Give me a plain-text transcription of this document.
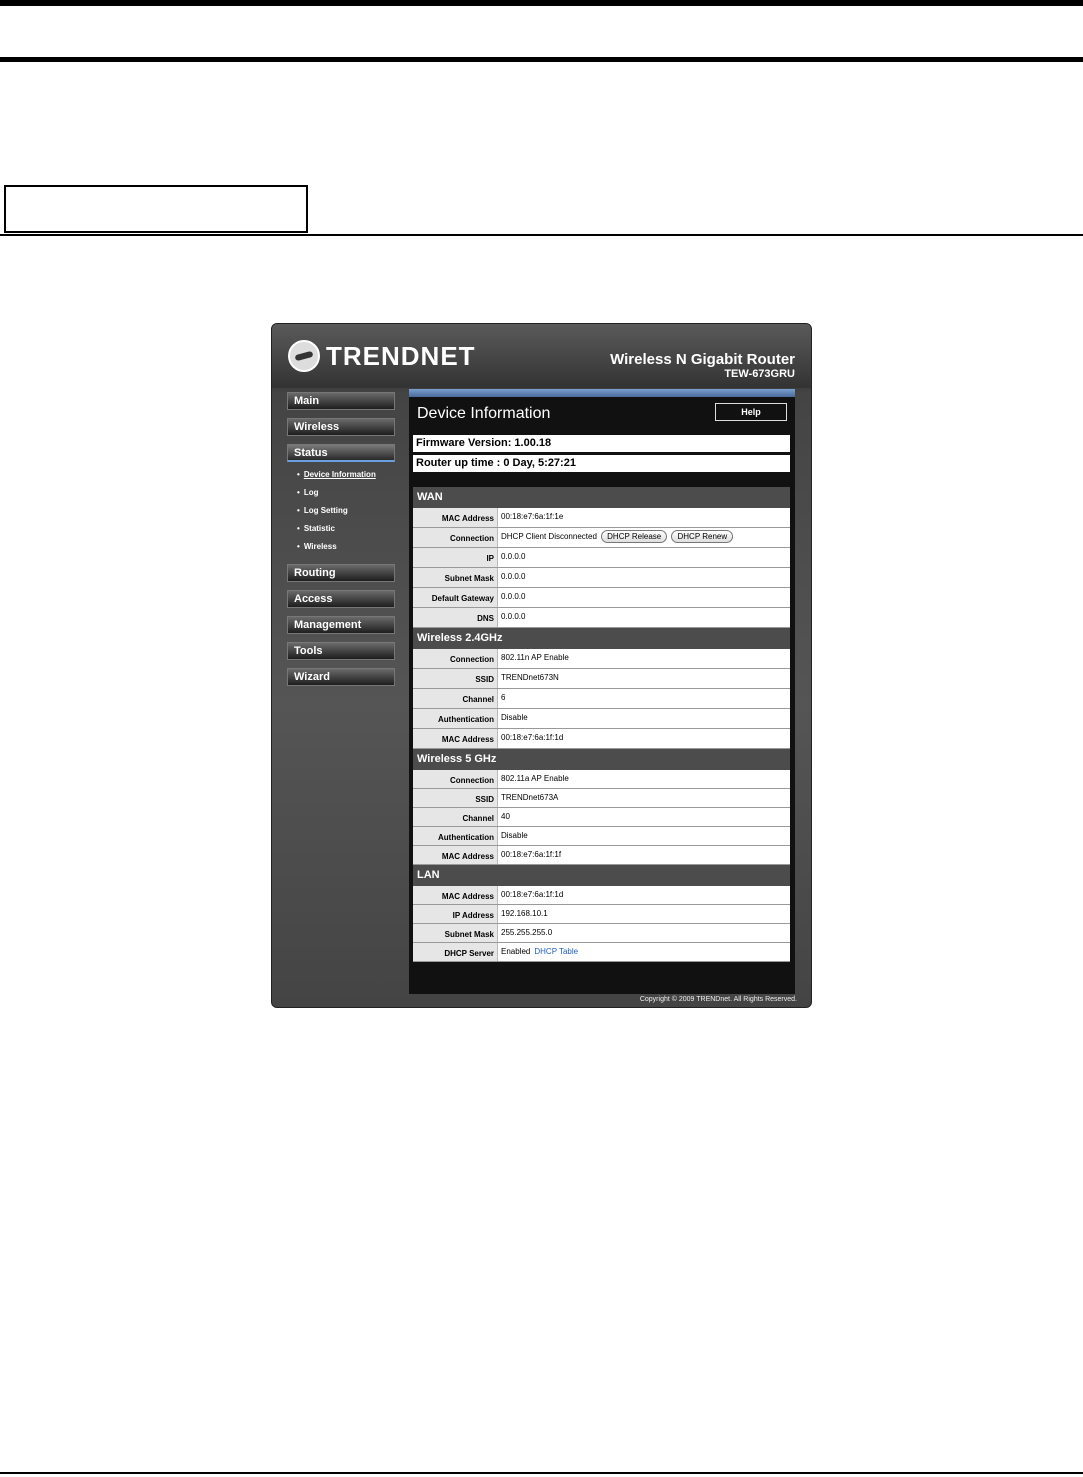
TRENDNET	Wireless N Gigabit Router
TEW-673GRU
Main
Wireless
Status
• Device Information
• Log
• Log Setting
• Statistic
• Wireless
Routing
Access
Management
Tools
Wizard
Device Information	Help
Firmware Version: 1.00.18
Router up time : 0 Day, 5:27:21
WAN
MAC Address 00:18:e7:6a:1f:1e
Connection DHCP Client Disconnected DHCP Release DHCP Renew
IP 0.0.0.0
Subnet Mask 0.0.0.0
Default Gateway 0.0.0.0
DNS 0.0.0.0
Wireless 2.4GHz
Connection 802.11n AP Enable
SSID TRENDnet673N
Channel 6
Authentication Disable
MAC Address 00:18:e7:6a:1f:1d
Wireless 5 GHz
Connection 802.11a AP Enable
SSID TRENDnet673A
Channel 40
Authentication Disable
MAC Address 00:18:e7:6a:1f:1f
LAN
MAC Address 00:18:e7:6a:1f:1d
IP Address 192.168.10.1
Subnet Mask 255.255.255.0
DHCP Server Enabled DHCP Table
Copyright © 2009 TRENDnet. All Rights Reserved.
